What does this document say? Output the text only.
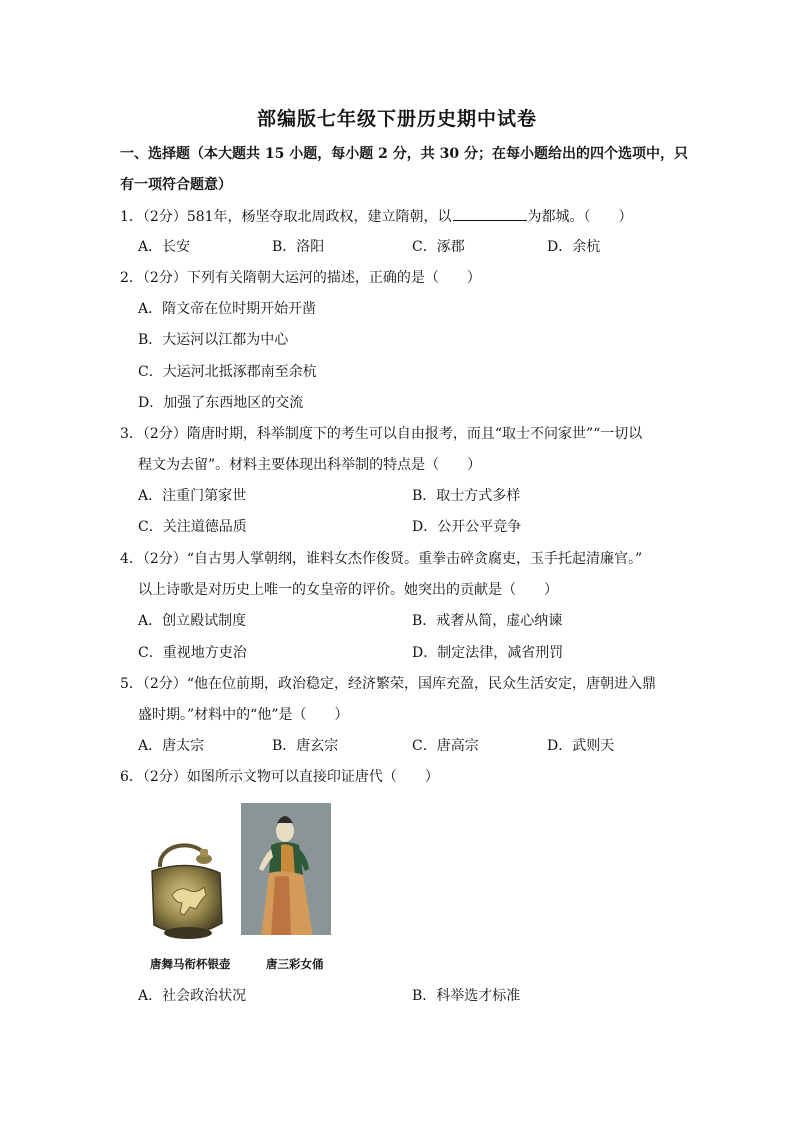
部编版七年级下册历史期中试卷
一、选择题（本大题共 15 小题，每小题 2 分，共 30 分；在每小题给出的四个选项中，只
有一项符合题意）
1．（2分）581年，杨坚夺取北周政权，建立隋朝，以	为都城。（　　）
A．长安	B．洛阳	C．涿郡	D．余杭
2．（2分）下列有关隋朝大运河的描述，正确的是（　　）
A．隋文帝在位时期开始开凿
B．大运河以江都为中心
C．大运河北抵涿郡南至余杭
D．加强了东西地区的交流
3．（2分）隋唐时期，科举制度下的考生可以自由报考，而且“取士不问家世”“一切以
程文为去留”。材料主要体现出科举制的特点是（　　）
A．注重门第家世	B．取士方式多样
C．关注道德品质	D．公开公平竞争
4．（2分）“自古男人掌朝纲，谁料女杰作俊贤。重拳击碎贪腐吏，玉手托起清廉官。”
以上诗歌是对历史上唯一的女皇帝的评价。她突出的贡献是（　　）
A．创立殿试制度	B．戒奢从简，虚心纳谏
C．重视地方吏治	D．制定法律，减省刑罚
5．（2分）“他在位前期，政治稳定，经济繁荣，国库充盈，民众生活安定，唐朝进入鼎
盛时期。”材料中的“他”是（　　）
A．唐太宗	B．唐玄宗	C．唐高宗	D．武则天
6．（2分）如图所示文物可以直接印证唐代（　　）
唐舞马衔杯银壶	唐三彩女俑
A．社会政治状况	B．科举选才标准
